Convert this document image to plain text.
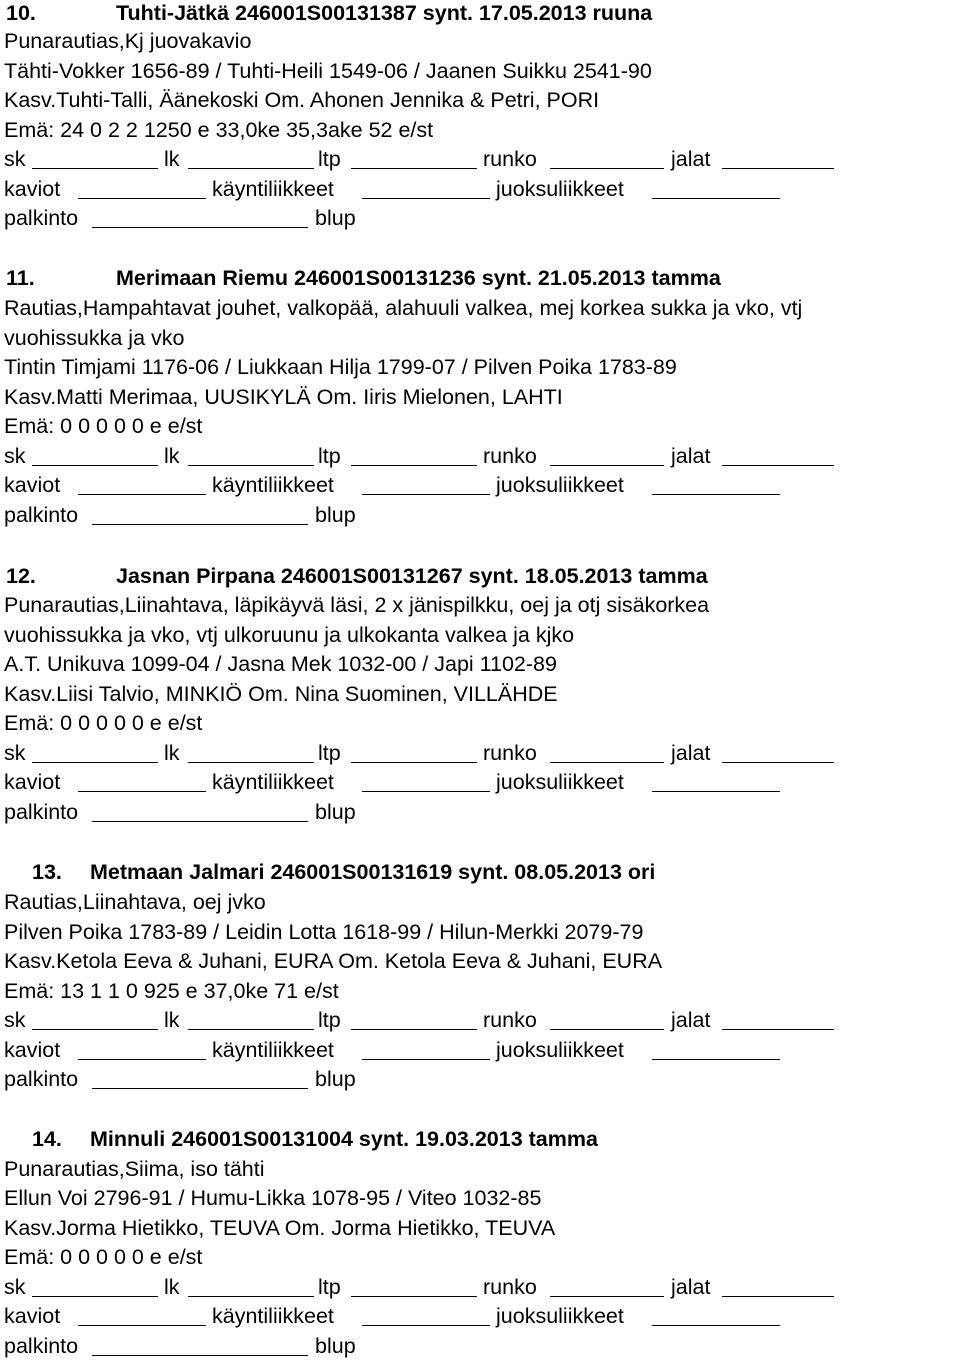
10.	Tuhti-Jätkä 246001S00131387 synt. 17.05.2013 ruuna
Punarautias,Kj juovakavio
Tähti-Vokker 1656-89 / Tuhti-Heili 1549-06 / Jaanen Suikku 2541-90
Kasv.Tuhti-Talli, Äänekoski Om. Ahonen Jennika & Petri, PORI
Emä: 24 0 2 2 1250 e 33,0ke 35,3ake 52 e/st
sk	lk	ltp	runko	jalat
kaviot	käyntiliikkeet	juoksuliikkeet
palkinto	blup
11.	Merimaan Riemu 246001S00131236 synt. 21.05.2013 tamma
Rautias,Hampahtavat jouhet, valkopää, alahuuli valkea, mej korkea sukka ja vko, vtj
vuohissukka ja vko
Tintin Timjami 1176-06 / Liukkaan Hilja 1799-07 / Pilven Poika 1783-89
Kasv.Matti Merimaa, UUSIKYLÄ Om. Iiris Mielonen, LAHTI
Emä: 0 0 0 0 0 e e/st
sk	lk	ltp	runko	jalat
kaviot	käyntiliikkeet	juoksuliikkeet
palkinto	blup
12.	Jasnan Pirpana 246001S00131267 synt. 18.05.2013 tamma
Punarautias,Liinahtava, läpikäyvä läsi, 2 x jänispilkku, oej ja otj sisäkorkea
vuohissukka ja vko, vtj ulkoruunu ja ulkokanta valkea ja kjko
A.T. Unikuva 1099-04 / Jasna Mek 1032-00 / Japi 1102-89
Kasv.Liisi Talvio, MINKIÖ Om. Nina Suominen, VILLÄHDE
Emä: 0 0 0 0 0 e e/st
sk	lk	ltp	runko	jalat
kaviot	käyntiliikkeet	juoksuliikkeet
palkinto	blup
13. Metmaan Jalmari 246001S00131619 synt. 08.05.2013 ori
Rautias,Liinahtava, oej jvko
Pilven Poika 1783-89 / Leidin Lotta 1618-99 / Hilun-Merkki 2079-79
Kasv.Ketola Eeva & Juhani, EURA Om. Ketola Eeva & Juhani, EURA
Emä: 13 1 1 0 925 e 37,0ke 71 e/st
sk	lk	ltp	runko	jalat
kaviot	käyntiliikkeet	juoksuliikkeet
palkinto	blup
14. Minnuli 246001S00131004 synt. 19.03.2013 tamma
Punarautias,Siima, iso tähti
Ellun Voi 2796-91 / Humu-Likka 1078-95 / Viteo 1032-85
Kasv.Jorma Hietikko, TEUVA Om. Jorma Hietikko, TEUVA
Emä: 0 0 0 0 0 e e/st
sk	lk	ltp	runko	jalat
kaviot	käyntiliikkeet	juoksuliikkeet
palkinto	blup
